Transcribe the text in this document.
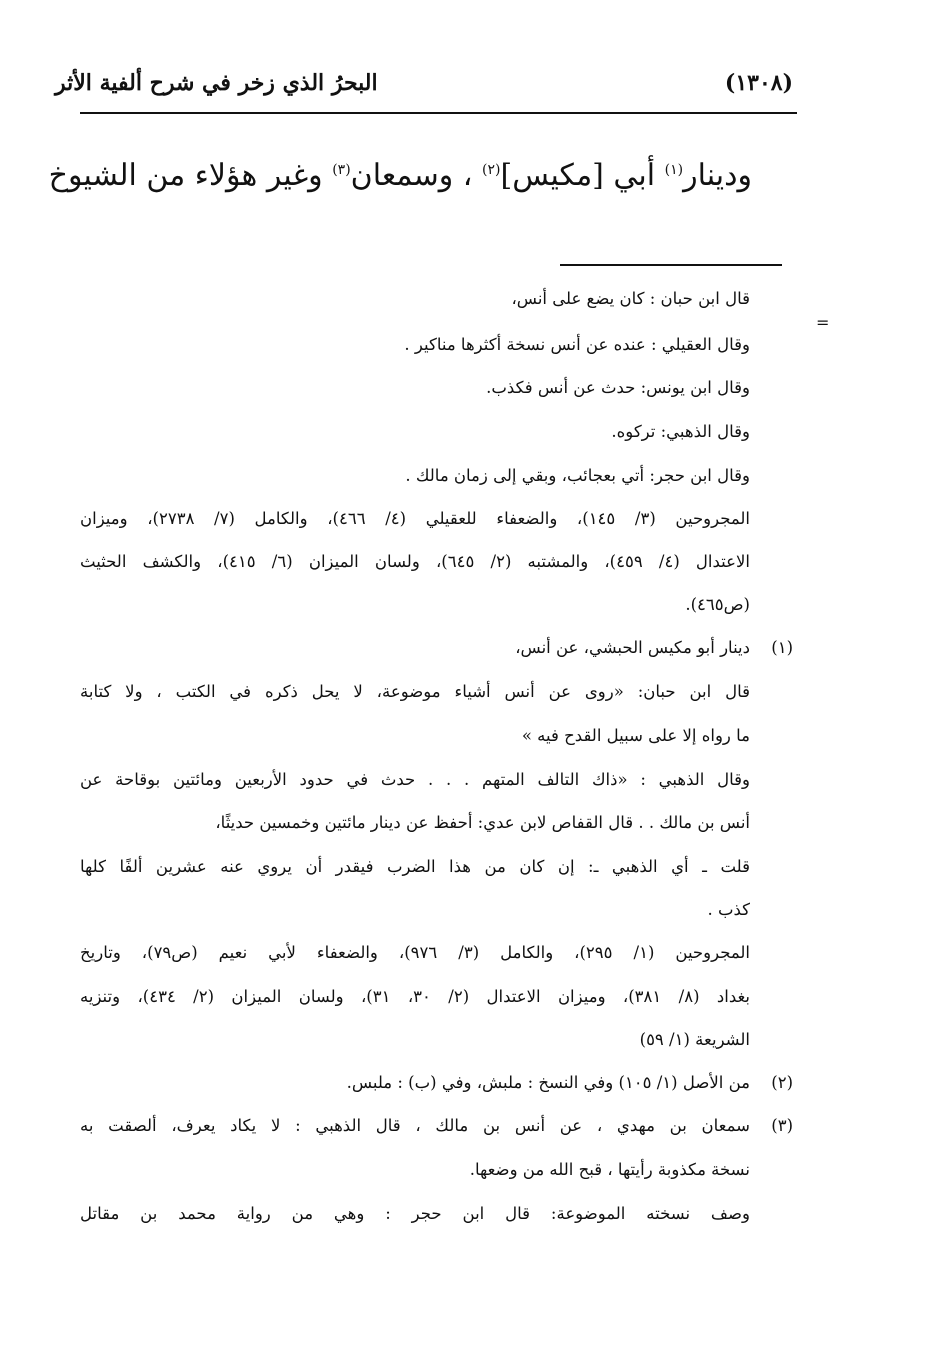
البحرُ الذي زخر في شرح ألفية الأثر	(١٣٠٨)
ودينار$^{(١)}$ أبي [مكيس]$^{(٢)}$ ، وسمعان$^{(٣)}$ وغير هؤلاء من الشيوخ
=
قال ابن حبان : كان يضع على أنس،
وقال العقيلي : عنده عن أنس نسخة أكثرها مناكير .
وقال ابن يونس: حدث عن أنس فكذب.
وقال الذهبي: تركوه.
وقال ابن حجر: أتي بعجائب، وبقي إلى زمان مالك .
المجروحين (٣/ ١٤٥)، والضعفاء للعقيلي (٤/ ٤٦٦)، والكامل (٧/ ٢٧٣٨)، وميزان
الاعتدال (٤/ ٤٥٩)، والمشتبه (٢/ ٦٤٥)، ولسان الميزان (٦/ ٤١٥)، والكشف الحثيث
(ص٤٦٥).
(١)
دينار أبو مكيس الحبشي، عن أنس،
قال ابن حبان: «روى عن أنس أشياء موضوعة، لا يحل ذكره في الكتب ، ولا كتابة
ما رواه إلا على سبيل القدح فيه »
وقال الذهبي : «ذاك التالف المتهم . . . حدث في حدود الأربعين ومائتين بوقاحة عن
أنس بن مالك . . قال القفاص لابن عدي: أحفظ عن دينار مائتين وخمسين حديثًا،
قلت ـ أي الذهبي ـ: إن كان من هذا الضرب فيقدر أن يروي عنه عشرين ألفًا كلها
كذب .
المجروحين (١/ ٢٩٥)، والكامل (٣/ ٩٧٦)، والضعفاء لأبي نعيم (ص٧٩)، وتاريخ
بغداد (٨/ ٣٨١)، وميزان الاعتدال (٢/ ٣٠، ٣١)، ولسان الميزان (٢/ ٤٣٤)، وتنزيه
الشريعة (١/ ٥٩)
(٢)
من الأصل (١/ ١٠٥) وفي النسخ : ملبش، وفي (ب) : ملبس.
(٣)
سمعان بن مهدي ، عن أنس بن مالك ، قال الذهبي : لا يكاد يعرف، ألصقت به
نسخة مكذوبة رأيتها ، قبح الله من وضعها.
وصف نسخته الموضوعة: قال ابن حجر : وهي من رواية محمد بن مقاتل
